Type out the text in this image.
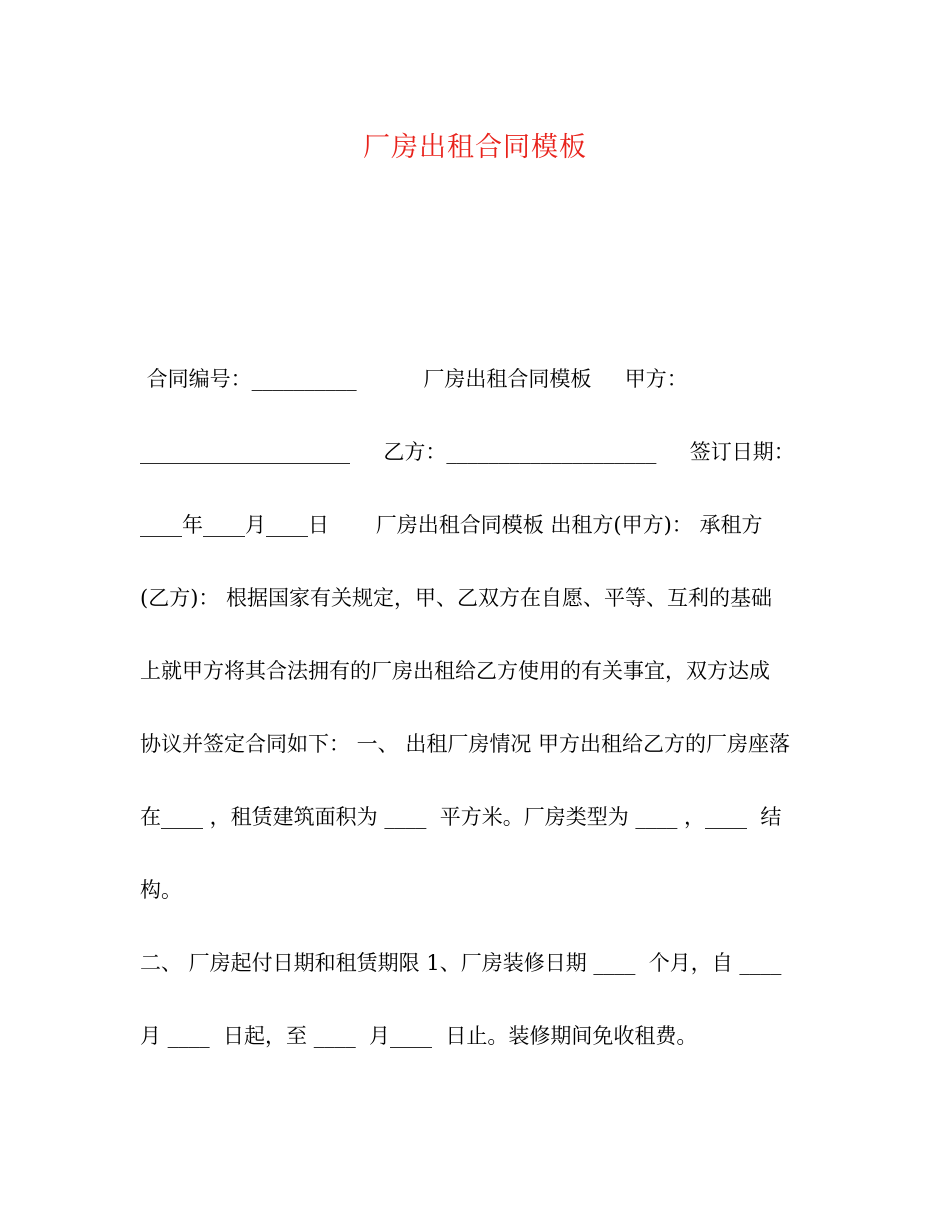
厂房出租合同模板
合同编号：__________          厂房出租合同模板     甲方：
____________________     乙方：____________________     签订日期：
____年____月____日       厂房出租合同模板 出租方(甲方)： 承租方
(乙方)： 根据国家有关规定，甲、乙双方在自愿、平等、互利的基础
上就甲方将其合法拥有的厂房出租给乙方使用的有关事宜，双方达成
协议并签定合同如下： 一、 出租厂房情况 甲方出租给乙方的厂房座落
在____ ，租赁建筑面积为 ____  平方米。厂房类型为 ____ ，____  结
构。
二、 厂房起付日期和租赁期限 1、厂房装修日期 ____  个月，自 ____
月 ____  日起，至 ____  月____  日止。装修期间免收租费。
